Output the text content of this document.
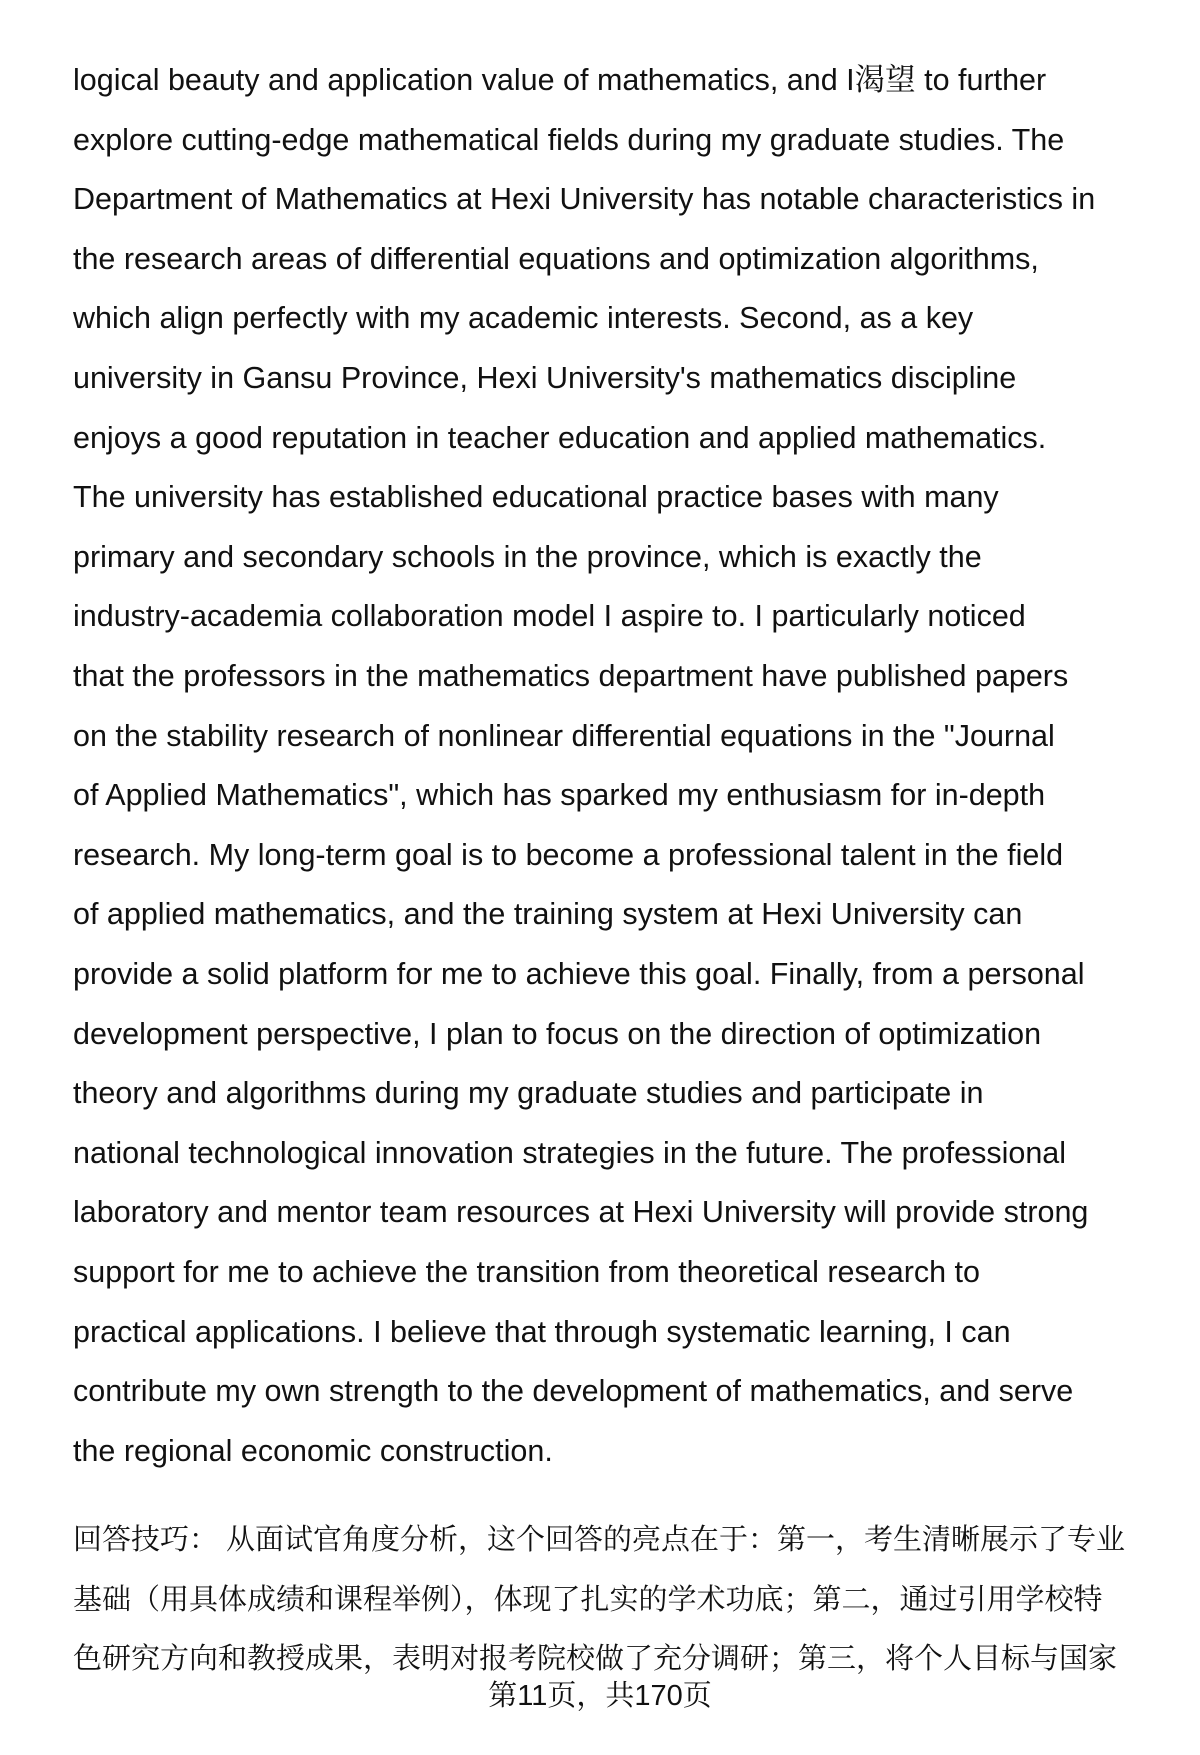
logical beauty and application value of mathematics, and I渴望 to further
explore cutting-edge mathematical fields during my graduate studies. The
Department of Mathematics at Hexi University has notable characteristics in
the research areas of differential equations and optimization algorithms,
which align perfectly with my academic interests. Second, as a key
university in Gansu Province, Hexi University's mathematics discipline
enjoys a good reputation in teacher education and applied mathematics.
The university has established educational practice bases with many
primary and secondary schools in the province, which is exactly the
industry-academia collaboration model I aspire to. I particularly noticed
that the professors in the mathematics department have published papers
on the stability research of nonlinear differential equations in the "Journal
of Applied Mathematics", which has sparked my enthusiasm for in-depth
research. My long-term goal is to become a professional talent in the field
of applied mathematics, and the training system at Hexi University can
provide a solid platform for me to achieve this goal. Finally, from a personal
development perspective, I plan to focus on the direction of optimization
theory and algorithms during my graduate studies and participate in
national technological innovation strategies in the future. The professional
laboratory and mentor team resources at Hexi University will provide strong
support for me to achieve the transition from theoretical research to
practical applications. I believe that through systematic learning, I can
contribute my own strength to the development of mathematics, and serve
the regional economic construction.
回答技巧： 从面试官角度分析，这个回答的亮点在于：第一，考生清晰展示了专业
基础（用具体成绩和课程举例），体现了扎实的学术功底；第二，通过引用学校特
色研究方向和教授成果，表明对报考院校做了充分调研；第三，将个人目标与国家
第11页，共170页
